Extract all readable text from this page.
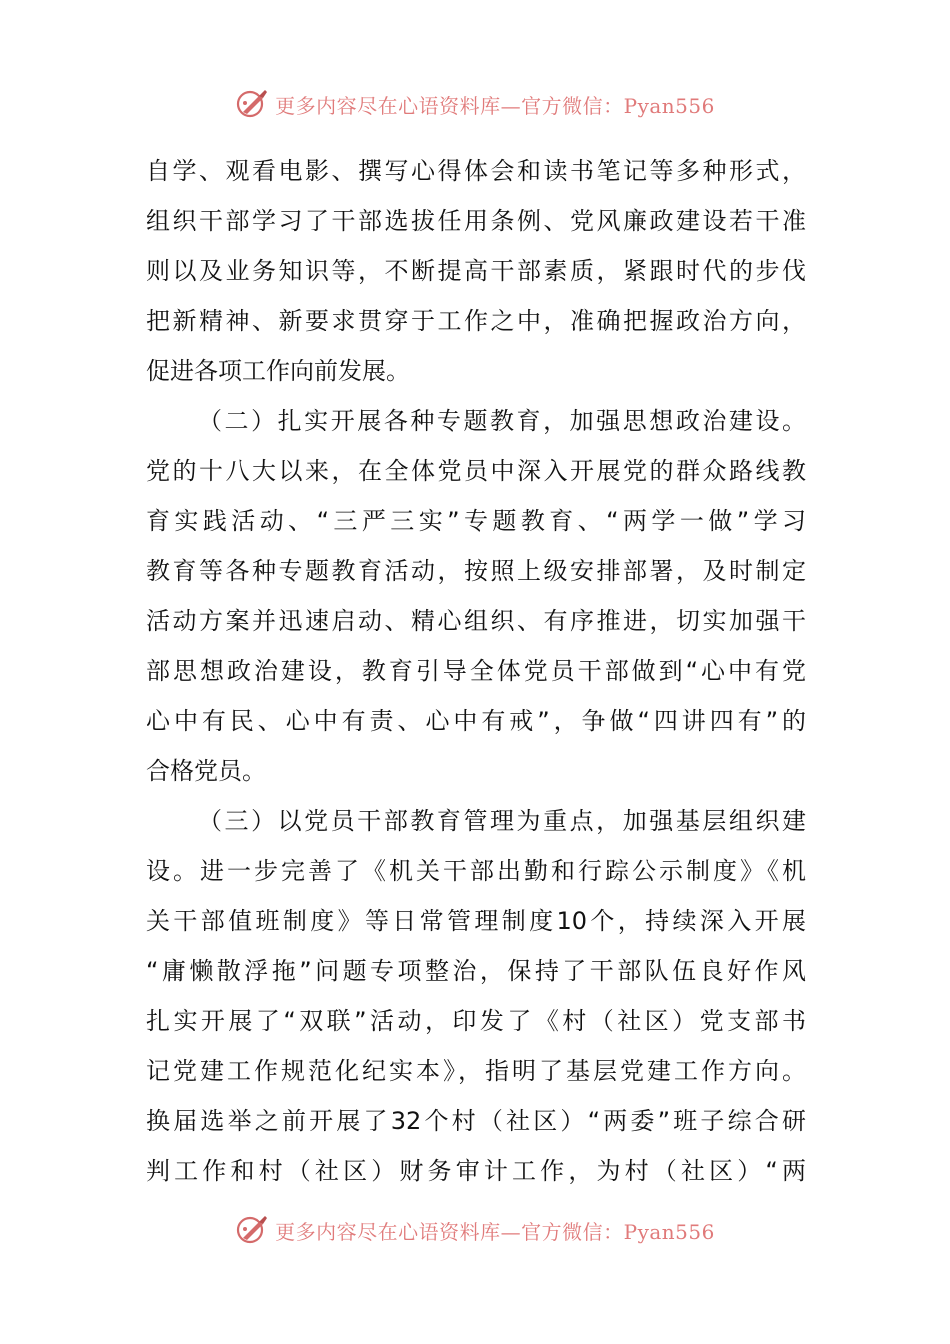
更多内容尽在心语资料库—官方微信：Pyan556
自学、观看电影、撰写心得体会和读书笔记等多种形式，
组织干部学习了干部选拔任用条例、党风廉政建设若干准
则以及业务知识等，不断提高干部素质，紧跟时代的步伐
把新精神、新要求贯穿于工作之中，准确把握政治方向，
促进各项工作向前发展。
（二）扎实开展各种专题教育，加强思想政治建设。
党的十八大以来，在全体党员中深入开展党的群众路线教
育实践活动、“三严三实”专题教育、“两学一做”学习
教育等各种专题教育活动，按照上级安排部署，及时制定
活动方案并迅速启动、精心组织、有序推进，切实加强干
部思想政治建设，教育引导全体党员干部做到“心中有党
心中有民、心中有责、心中有戒”，争做“四讲四有”的
合格党员。
（三）以党员干部教育管理为重点，加强基层组织建
设。进一步完善了《机关干部出勤和行踪公示制度》《机
关干部值班制度》等日常管理制度10个，持续深入开展
“庸懒散浮拖”问题专项整治，保持了干部队伍良好作风
扎实开展了“双联”活动，印发了《村（社区）党支部书
记党建工作规范化纪实本》，指明了基层党建工作方向。
换届选举之前开展了32个村（社区）“两委”班子综合研
判工作和村（社区）财务审计工作，为村（社区）“两
更多内容尽在心语资料库—官方微信：Pyan556
